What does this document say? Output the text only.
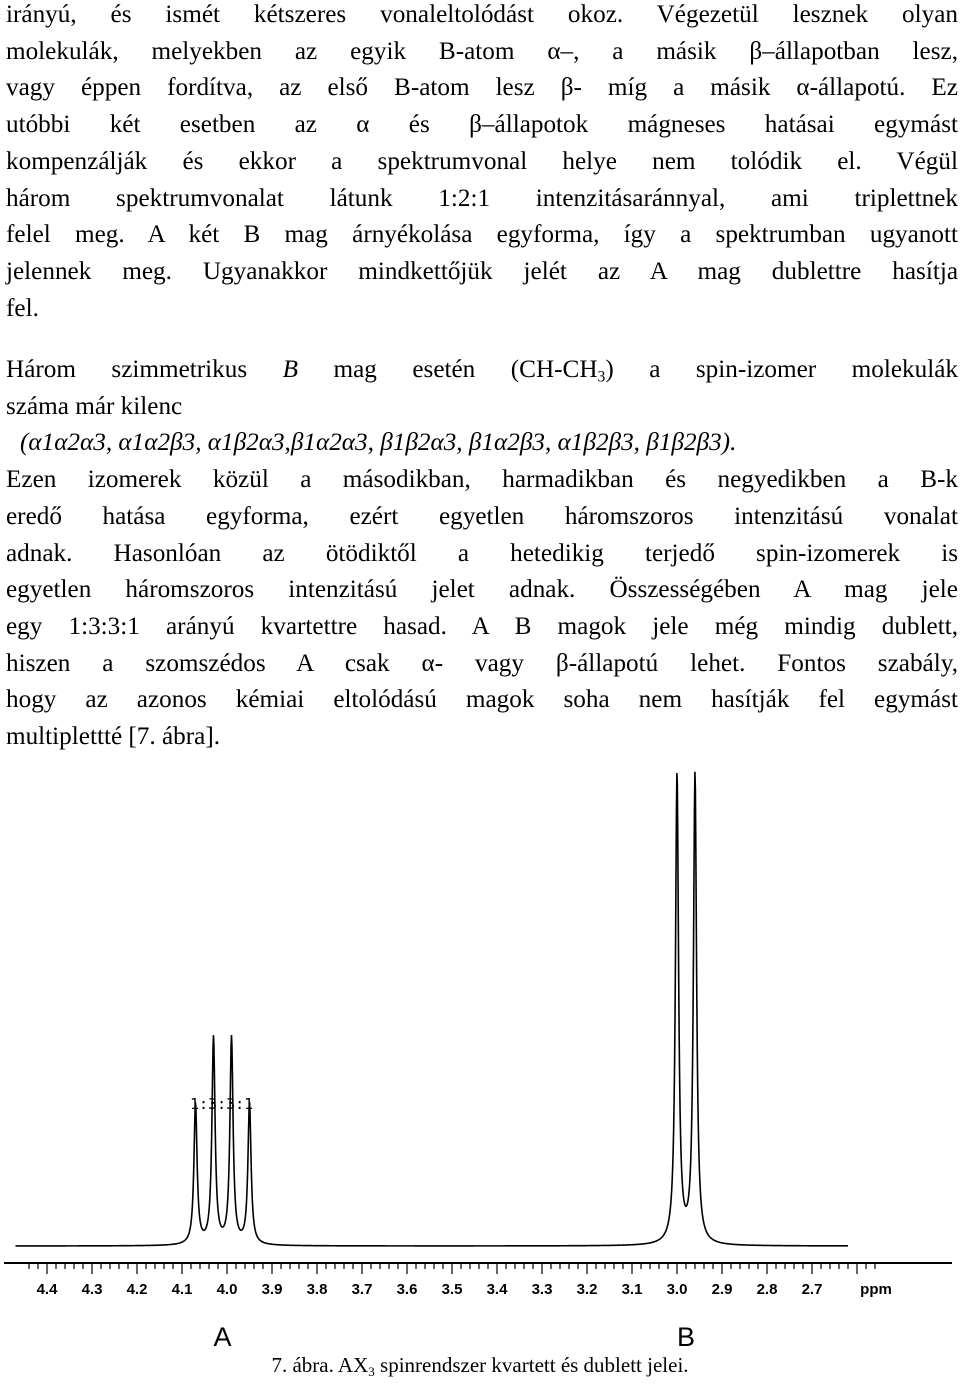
irányú, és ismét kétszeres vonaleltolódást okoz. Végezetül lesznek olyan
molekulák, melyekben az egyik B-atom α–, a másik β–állapotban lesz,
vagy éppen fordítva, az első B-atom lesz β- míg a másik α-állapotú. Ez
utóbbi két esetben az α és β–állapotok mágneses hatásai egymást
kompenzálják és ekkor a spektrumvonal helye nem tolódik el. Végül
három spektrumvonalat látunk 1:2:1 intenzitásaránnyal, ami triplettnek
felel meg. A két B mag árnyékolása egyforma, így a spektrumban ugyanott
jelennek meg. Ugyanakkor mindkettőjük jelét az A mag dublettre hasítja
fel.
Három szimmetrikus B mag esetén $(CH-CH_3)$ a spin-izomer molekulák
száma már kilenc
(α1α2α3, α1α2β3, α1β2α3,β1α2α3, β1β2α3, β1α2β3, α1β2β3, β1β2β3).
Ezen izomerek közül a másodikban, harmadikban és negyedikben a B-k
eredő hatása egyforma, ezért egyetlen háromszoros intenzitású vonalat
adnak. Hasonlóan az ötödiktől a hetedikig terjedő spin-izomerek is
egyetlen háromszoros intenzitású jelet adnak. Összességében A mag jele
egy 1:3:3:1 arányú kvartettre hasad. A B magok jele még mindig dublett,
hiszen a szomszédos A csak α- vagy β-állapotú lehet. Fontos szabály,
hogy az azonos kémiai eltolódású magok soha nem hasítják fel egymást
multiplettté [7. ábra].
4.4 4.3 4.2 4.1 4.0 3.9 3.8 3.7 3.6 3.5 3.4 3.3 3.2 3.1 3.0 2.9 2.8 2.7	ppm
1:3:3:1
A	B
7. ábra. $AX_3$ spinrendszer kvartett és dublett jelei.
